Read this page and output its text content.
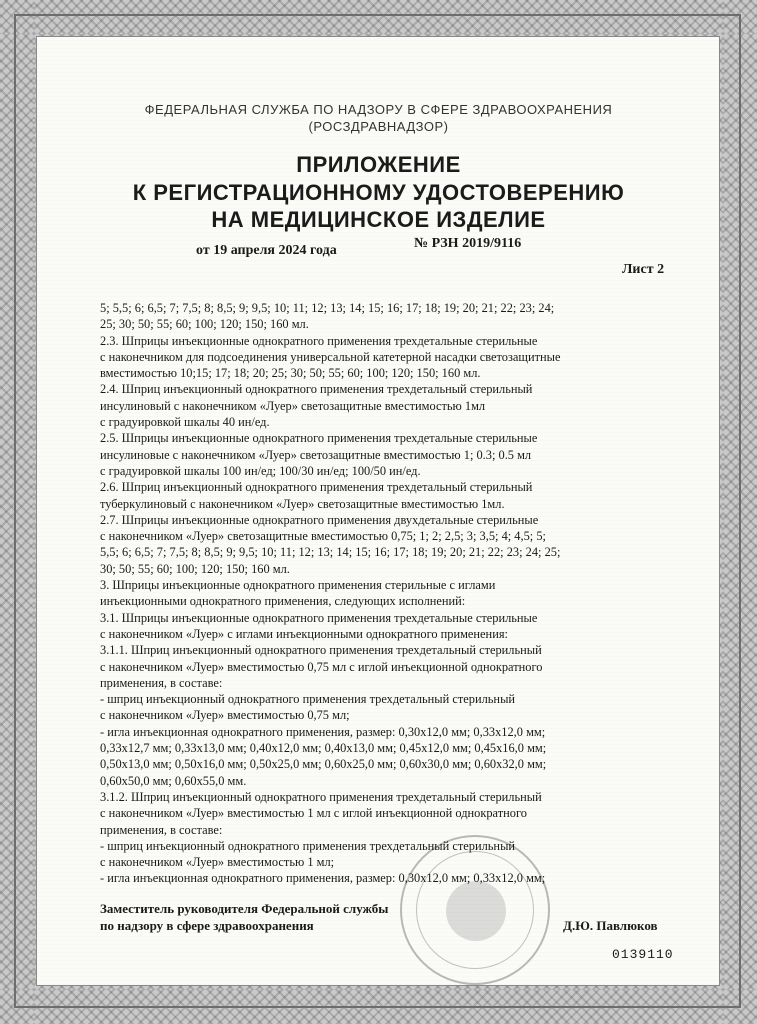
ФЕДЕРАЛЬНАЯ СЛУЖБА ПО НАДЗОРУ В СФЕРЕ ЗДРАВООХРАНЕНИЯ
(РОСЗДРАВНАДЗОР)
ПРИЛОЖЕНИЕ
К РЕГИСТРАЦИОННОМУ УДОСТОВЕРЕНИЮ
НА МЕДИЦИНСКОЕ ИЗДЕЛИЕ
от 19 апреля 2024 года	№ РЗН 2019/9116
Лист 2
5; 5,5; 6; 6,5; 7; 7,5; 8; 8,5; 9; 9,5; 10; 11; 12; 13; 14; 15; 16; 17; 18; 19; 20; 21; 22; 23; 24;
25; 30; 50; 55; 60; 100; 120; 150; 160 мл.
2.3. Шприцы инъекционные однократного применения трехдетальные стерильные
с наконечником для подсоединения универсальной катетерной насадки светозащитные
вместимостью 10;15; 17; 18; 20; 25; 30; 50; 55; 60; 100; 120; 150; 160 мл.
2.4. Шприц инъекционный однократного применения трехдетальный стерильный
инсулиновый с наконечником «Луер» светозащитные вместимостью 1мл
с градуировкой шкалы 40 ин/ед.
2.5. Шприцы инъекционные однократного применения трехдетальные стерильные
инсулиновые с наконечником «Луер» светозащитные вместимостью 1; 0.3; 0.5 мл
с градуировкой шкалы 100 ин/ед; 100/30 ин/ед; 100/50 ин/ед.
2.6. Шприц инъекционный однократного применения трехдетальный стерильный
туберкулиновый с наконечником «Луер» светозащитные вместимостью 1мл.
2.7. Шприцы инъекционные однократного применения двухдетальные стерильные
с наконечником «Луер» светозащитные вместимостью 0,75; 1; 2; 2,5; 3; 3,5; 4; 4,5; 5;
5,5; 6; 6,5; 7; 7,5; 8; 8,5; 9; 9,5; 10; 11; 12; 13; 14; 15; 16; 17; 18; 19; 20; 21; 22; 23; 24; 25;
30; 50; 55; 60; 100; 120; 150; 160 мл.
3. Шприцы инъекционные однократного применения стерильные с иглами
инъекционными однократного применения, следующих исполнений:
3.1. Шприцы инъекционные однократного применения трехдетальные стерильные
с наконечником «Луер» с иглами инъекционными однократного применения:
3.1.1. Шприц инъекционный однократного применения трехдетальный стерильный
с наконечником «Луер» вместимостью 0,75 мл с иглой инъекционной однократного
применения, в составе:
- шприц инъекционный однократного применения трехдетальный стерильный
с наконечником «Луер» вместимостью 0,75 мл;
- игла инъекционная однократного применения, размер: 0,30х12,0 мм; 0,33х12,0 мм;
0,33х12,7 мм; 0,33х13,0 мм; 0,40х12,0 мм; 0,40х13,0 мм; 0,45х12,0 мм; 0,45х16,0 мм;
0,50х13,0 мм; 0,50х16,0 мм; 0,50х25,0 мм; 0,60х25,0 мм; 0,60х30,0 мм; 0,60х32,0 мм;
0,60х50,0 мм; 0,60х55,0 мм.
3.1.2. Шприц инъекционный однократного применения трехдетальный стерильный
с наконечником «Луер» вместимостью 1 мл с иглой инъекционной однократного
применения, в составе:
- шприц инъекционный однократного применения трехдетальный стерильный
с наконечником «Луер» вместимостью 1 мл;
- игла инъекционная однократного применения, размер: 0,30х12,0 мм; 0,33х12,0 мм;
Заместитель руководителя Федеральной службы
по надзору в сфере здравоохранения	Д.Ю. Павлюков
0139110
